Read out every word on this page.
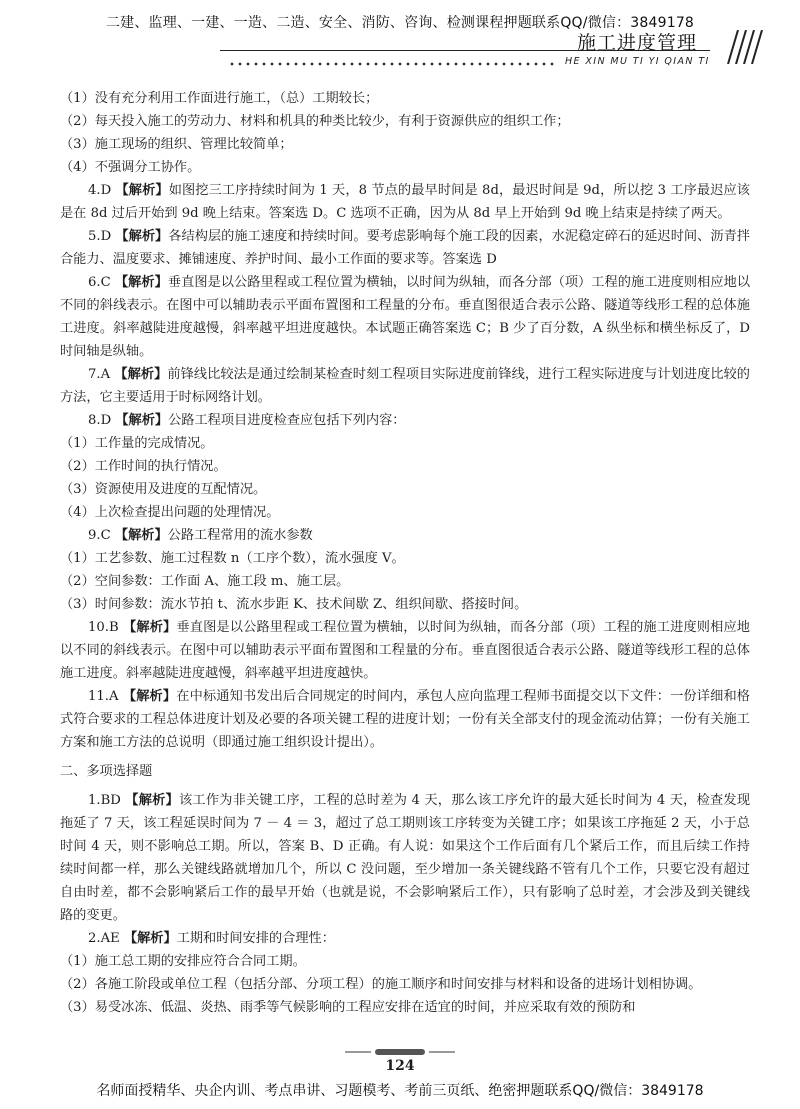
二建、监理、一建、一造、二造、安全、消防、咨询、检测课程押题联系QQ/微信：3849178
施工进度管理
HE XIN MU TI YI QIAN TI

（1）没有充分利用工作面进行施工，（总）工期较长；

（2）每天投入施工的劳动力、材料和机具的种类比较少，有利于资源供应的组织工作；

（3）施工现场的组织、管理比较简单；

（4）不强调分工协作。

4.D 【解析】如图挖三工序持续时间为 1 天，8 节点的最早时间是 8d，最迟时间是 9d，所以挖 3 工序最迟应该是在 8d 过后开始到 9d 晚上结束。答案选 D。C 选项不正确，因为从 8d 早上开始到 9d 晚上结束是持续了两天。

5.D 【解析】各结构层的施工速度和持续时间。要考虑影响每个施工段的因素，水泥稳定碎石的延迟时间、沥青拌合能力、温度要求、摊铺速度、养护时间、最小工作面的要求等。答案选 D

6.C 【解析】垂直图是以公路里程或工程位置为横轴，以时间为纵轴，而各分部（项）工程的施工进度则相应地以不同的斜线表示。在图中可以辅助表示平面布置图和工程量的分布。垂直图很适合表示公路、隧道等线形工程的总体施工进度。斜率越陡进度越慢，斜率越平坦进度越快。本试题正确答案选 C；B 少了百分数，A 纵坐标和横坐标反了，D 时间轴是纵轴。

7.A 【解析】前锋线比较法是通过绘制某检查时刻工程项目实际进度前锋线，进行工程实际进度与计划进度比较的方法，它主要适用于时标网络计划。

8.D 【解析】公路工程项目进度检查应包括下列内容：

（1）工作量的完成情况。

（2）工作时间的执行情况。

（3）资源使用及进度的互配情况。

（4）上次检查提出问题的处理情况。

9.C 【解析】公路工程常用的流水参数

（1）工艺参数、施工过程数 n（工序个数），流水强度 V。

（2）空间参数：工作面 A、施工段 m、施工层。

（3）时间参数：流水节拍 t、流水步距 K、技术间歇 Z、组织间歇、搭接时间。

10.B 【解析】垂直图是以公路里程或工程位置为横轴，以时间为纵轴，而各分部（项）工程的施工进度则相应地以不同的斜线表示。在图中可以辅助表示平面布置图和工程量的分布。垂直图很适合表示公路、隧道等线形工程的总体施工进度。斜率越陡进度越慢，斜率越平坦进度越快。

11.A 【解析】在中标通知书发出后合同规定的时间内，承包人应向监理工程师书面提交以下文件：一份详细和格式符合要求的工程总体进度计划及必要的各项关键工程的进度计划；一份有关全部支付的现金流动估算；一份有关施工方案和施工方法的总说明（即通过施工组织设计提出）。

二、多项选择题

1.BD 【解析】该工作为非关键工序，工程的总时差为 4 天，那么该工序允许的最大延长时间为 4 天，检查发现拖延了 7 天，该工程延误时间为 7 － 4 ＝ 3，超过了总工期则该工序转变为关键工序；如果该工序拖延 2 天，小于总时间 4 天，则不影响总工期。所以，答案 B、D 正确。有人说：如果这个工作后面有几个紧后工作，而且后续工作持续时间都一样，那么关键线路就增加几个，所以 C 没问题，至少增加一条关键线路不管有几个工作，只要它没有超过自由时差，都不会影响紧后工作的最早开始（也就是说，不会影响紧后工作），只有影响了总时差，才会涉及到关键线路的变更。

2.AE 【解析】工期和时间安排的合理性：

（1）施工总工期的安排应符合合同工期。

（2）各施工阶段或单位工程（包括分部、分项工程）的施工顺序和时间安排与材料和设备的进场计划相协调。

（3）易受冰冻、低温、炎热、雨季等气候影响的工程应安排在适宜的时间，并应采取有效的预防和

124
名师面授精华、央企内训、考点串讲、习题模考、考前三页纸、绝密押题联系QQ/微信：3849178
